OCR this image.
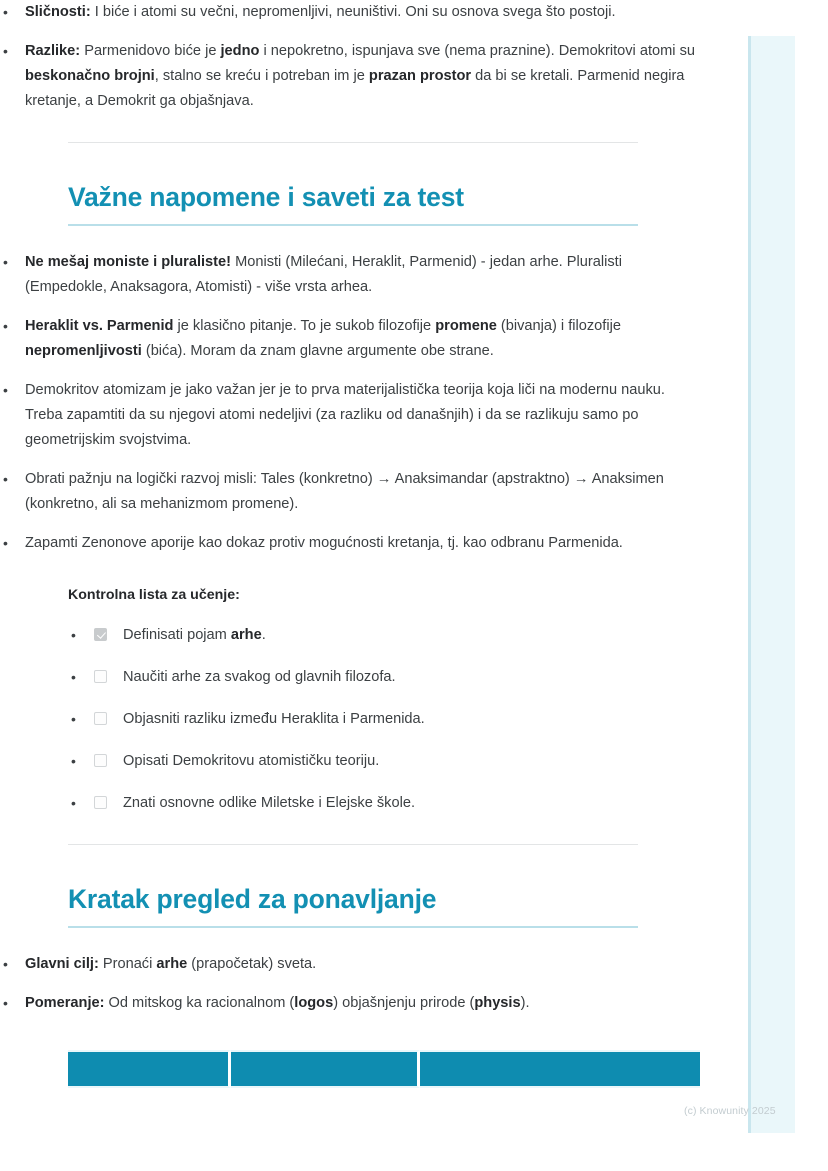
• Sličnosti: I biće i atomi su večni, nepromenljivi, neuništivi. Oni su osnova svega što postoji.
• Razlike: Parmenidovo biće je jedno i nepokretno, ispunjava sve (nema praznine). Demokritovi atomi su beskonačno brojni, stalno se kreću i potreban im je prazan prostor da bi se kretali. Parmenid negira kretanje, a Demokrit ga objašnjava.
Važne napomene i saveti za test
• Ne mešaj moniste i pluraliste! Monisti (Milećani, Heraklit, Parmenid) - jedan arhe. Pluralisti (Empedokle, Anaksagora, Atomisti) - više vrsta arhea.
• Heraklit vs. Parmenid je klasično pitanje. To je sukob filozofije promene (bivanja) i filozofije nepromenljivosti (bića). Moram da znam glavne argumente obe strane.
• Demokritov atomizam je jako važan jer je to prva materijalistička teorija koja liči na modernu nauku. Treba zapamtiti da su njegovi atomi nedeljivi (za razliku od današnjih) i da se razlikuju samo po geometrijskim svojstvima.
• Obrati pažnju na logički razvoj misli: Tales (konkretno) → Anaksimandar (apstraktno) → Anaksimen (konkretno, ali sa mehanizmom promene).
• Zapamti Zenonove aporije kao dokaz protiv mogućnosti kretanja, tj. kao odbranu Parmenida.
Kontrolna lista za učenje:
• Definisati pojam arhe.
• Naučiti arhe za svakog od glavnih filozofa.
• Objasniti razliku između Heraklita i Parmenida.
• Opisati Demokritovu atomističku teoriju.
• Znati osnovne odlike Miletske i Elejske škole.
Kratak pregled za ponavljanje
• Glavni cilj: Pronaći arhe (prapočetak) sveta.
• Pomeranje: Od mitskog ka racionalnom (logos) objašnjenju prirode (physis).

(c) Knowunity 2025
